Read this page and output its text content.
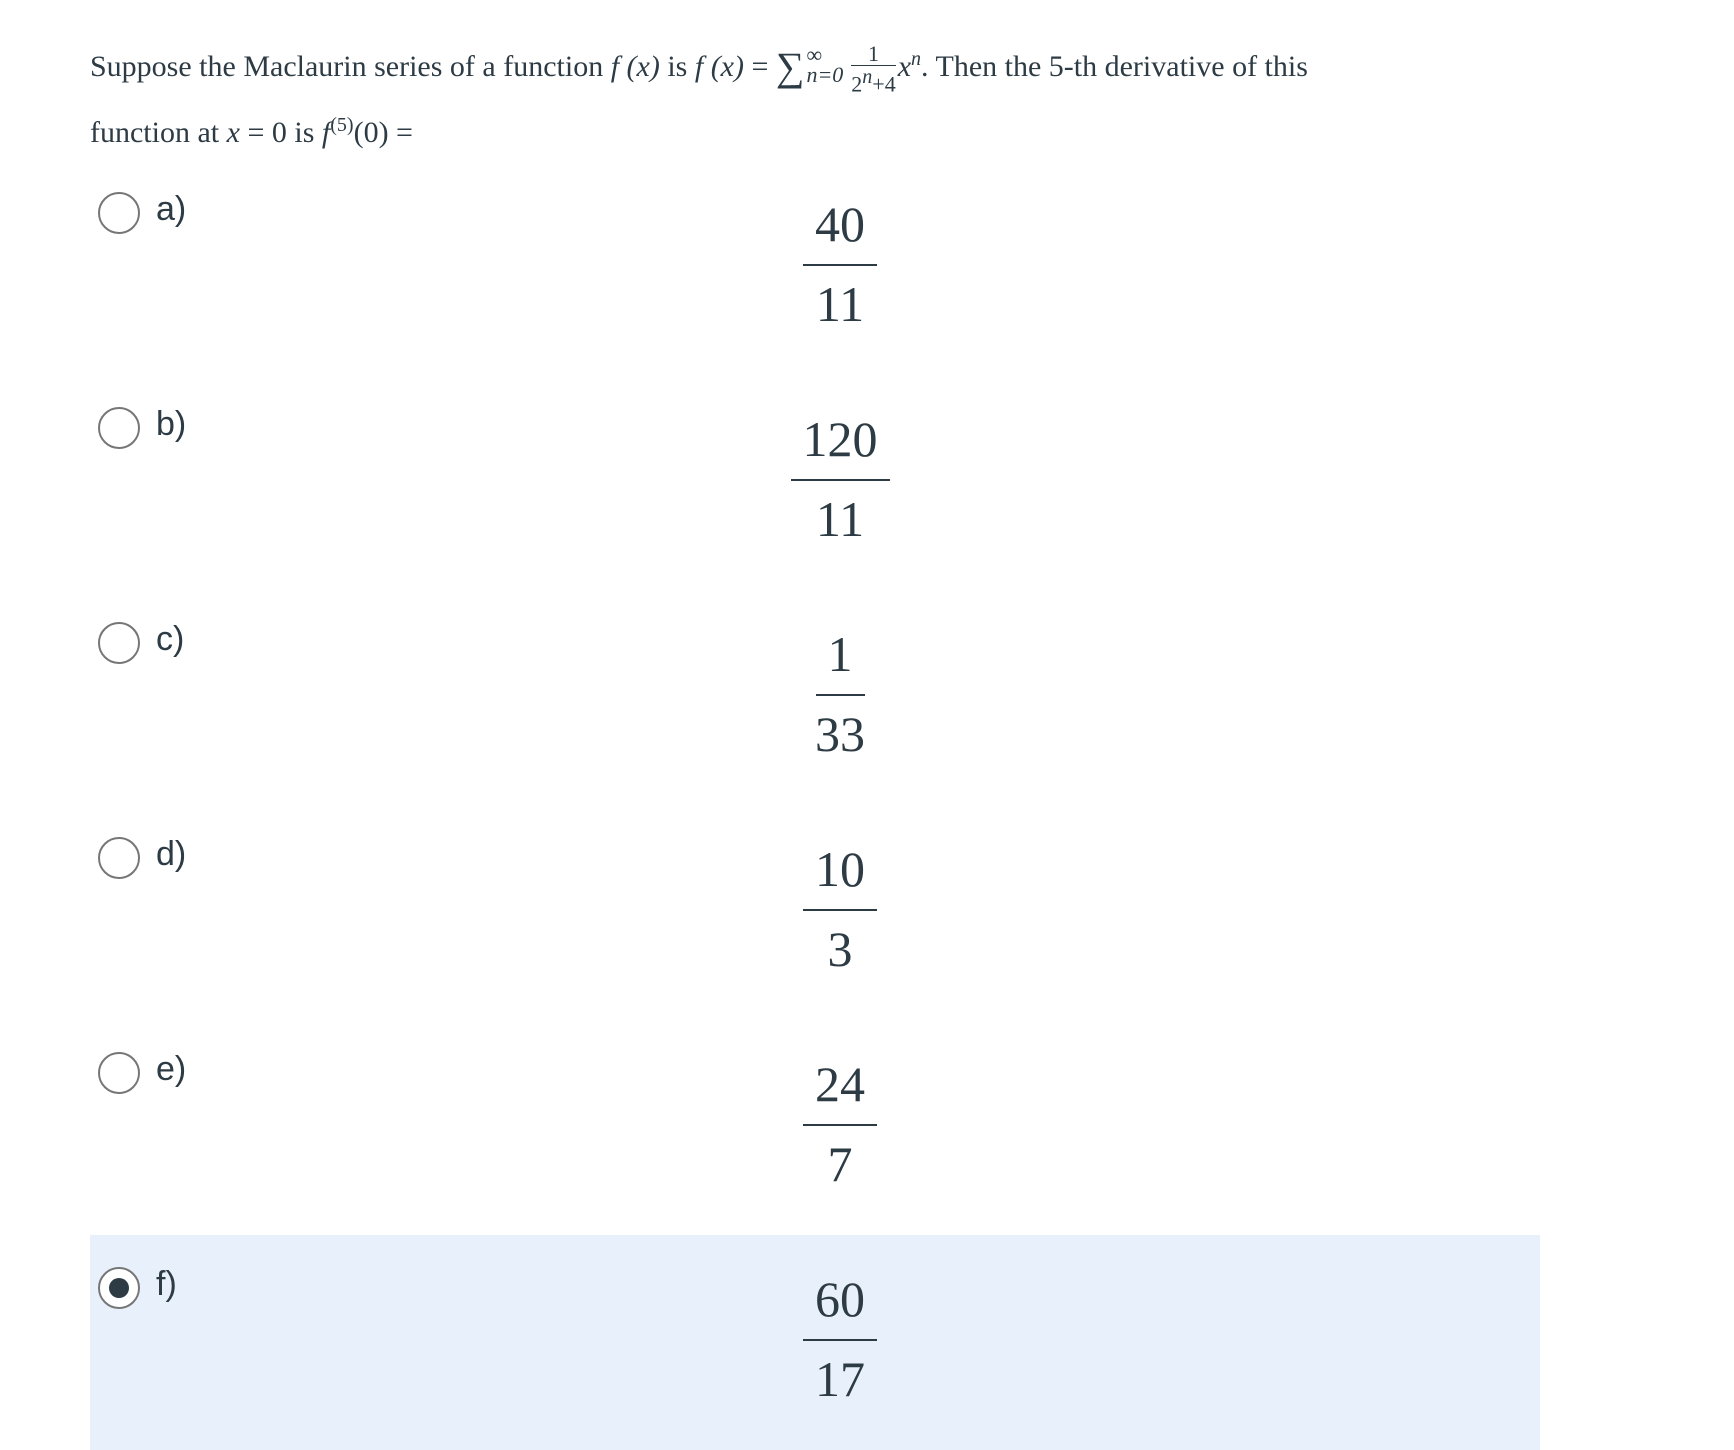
Suppose the Maclaurin series of a function f (x) is f (x) = ∑ ∞
$n=0 \frac{1}{2^n+4} x^n$. Then the 5-th derivative of this
function at x = 0 is $f^{(5)}(0)$ =
a)	$\frac{40}{11}$
b)	$\frac{120}{11}$
c)	$\frac{1}{33}$
d)	$\frac{10}{3}$
e)	$\frac{24}{7}$
f)	$\frac{60}{17}$
